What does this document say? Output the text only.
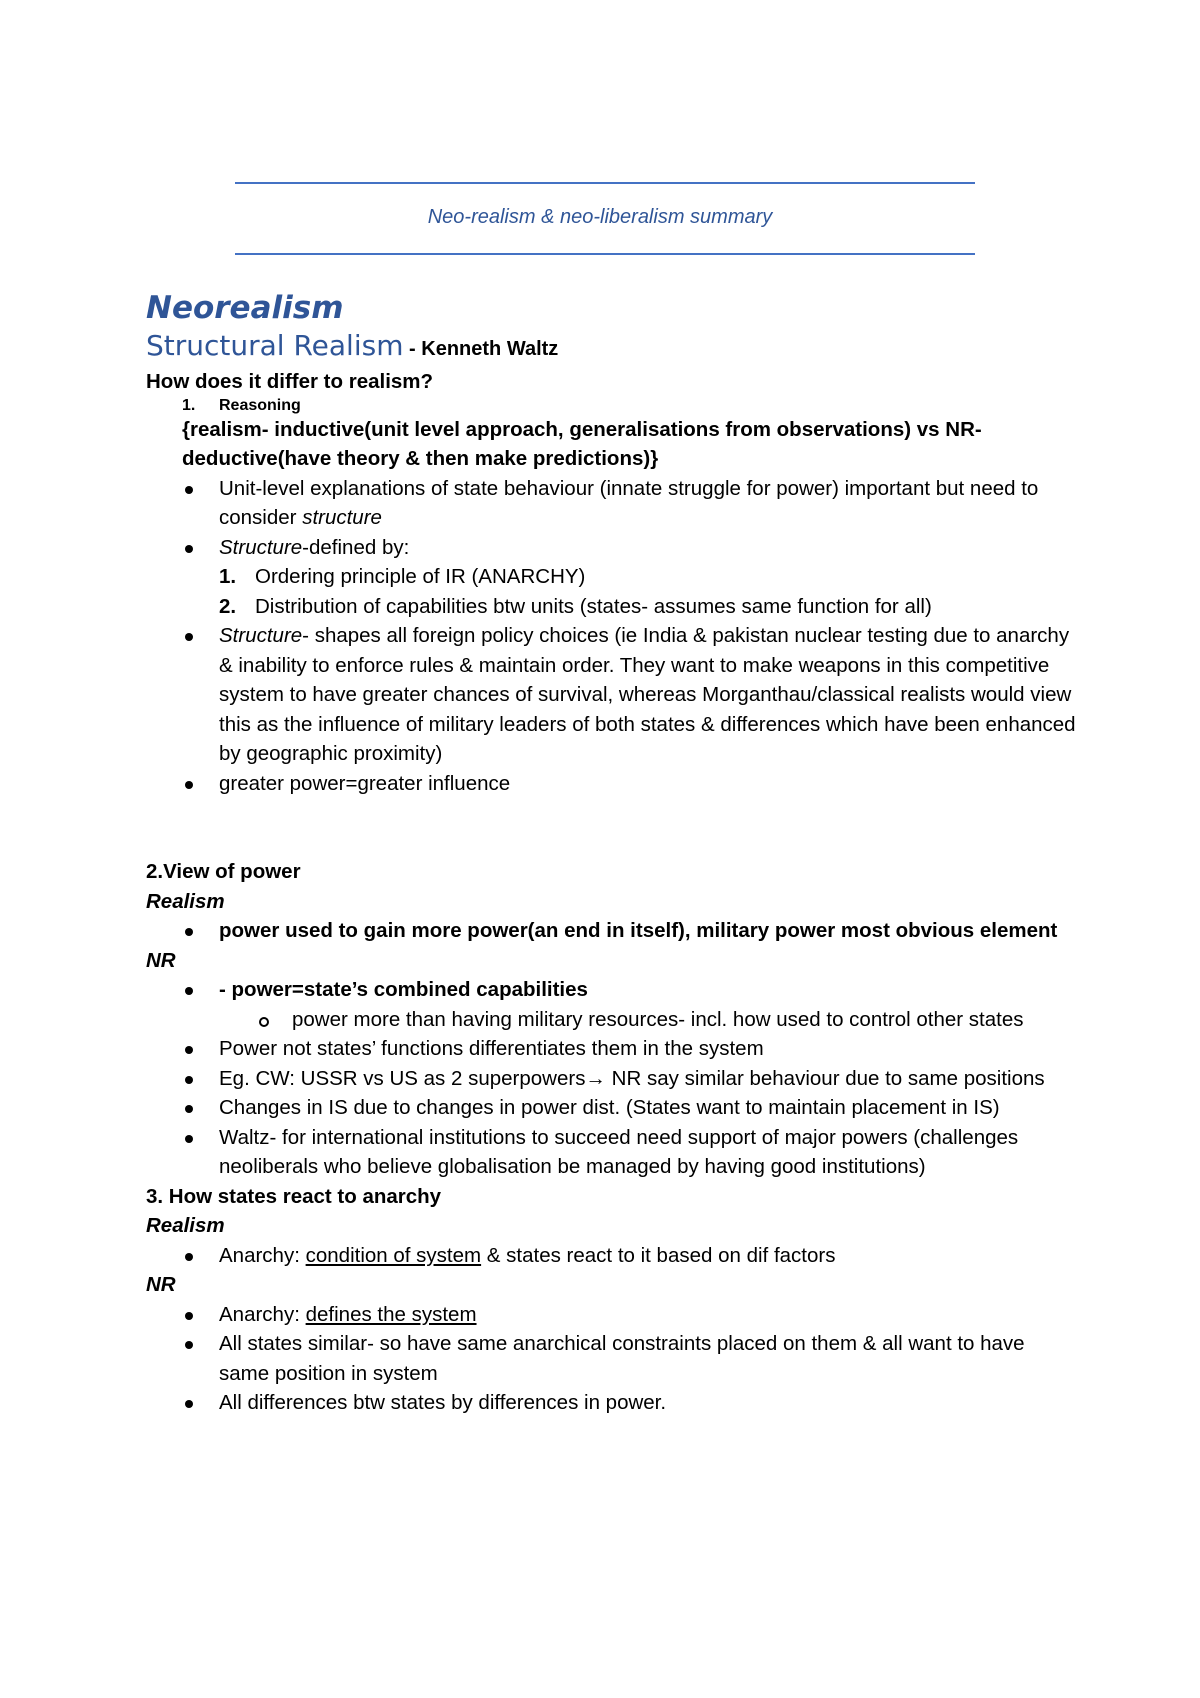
Neo-realism & neo-liberalism summary

Neorealism

Structural Realism - Kenneth Waltz

How does it differ to realism?

1.	Reasoning

{realism- inductive(unit level approach, generalisations from observations) vs NR-deductive(have theory & then make predictions)}

Unit-level explanations of state behaviour (innate struggle for power) important but need to consider structure
Structure-defined by:
1. Ordering principle of IR (ANARCHY)
2. Distribution of capabilities btw units (states- assumes same function for all)
Structure- shapes all foreign policy choices (ie India & pakistan nuclear testing due to anarchy & inability to enforce rules & maintain order. They want to make weapons in this competitive system to have greater chances of survival, whereas Morganthau/classical realists would view this as the influence of military leaders of both states & differences which have been enhanced by geographic proximity)
greater power=greater influence

2.View of power

Realism

power used to gain more power(an end in itself), military power most obvious element

NR

- power=state’s combined capabilities
power more than having military resources- incl. how used to control other states
Power not states’ functions differentiates them in the system
Eg. CW: USSR vs US as 2 superpowers→ NR say similar behaviour due to same positions
Changes in IS due to changes in power dist. (States want to maintain placement in IS)
Waltz- for international institutions to succeed need support of major powers (challenges neoliberals who believe globalisation be managed by having good institutions)

3. How states react to anarchy

Realism

Anarchy: condition of system & states react to it based on dif factors

NR

Anarchy: defines the system
All states similar- so have same anarchical constraints placed on them & all want to have same position in system
All differences btw states by differences in power.
